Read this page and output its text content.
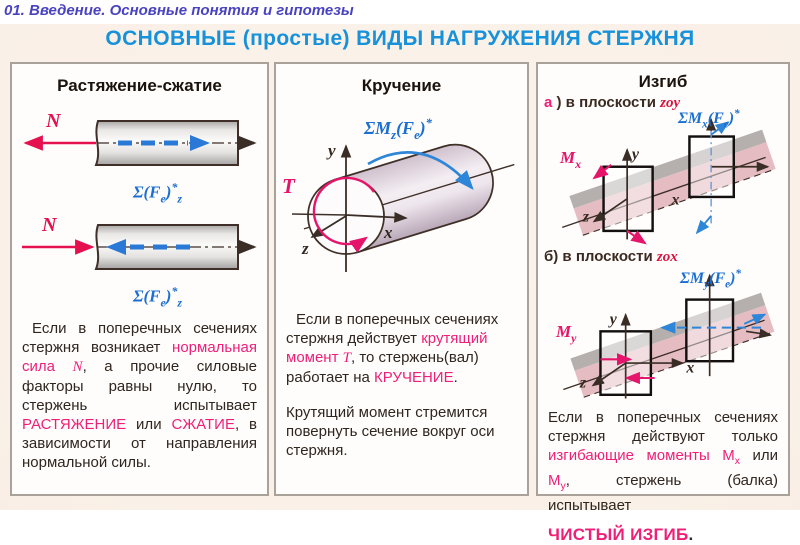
01. Введение. Основные понятия и гипотезы
ОСНОВНЫЕ (простые) ВИДЫ НАГРУЖЕНИЯ СТЕРЖНЯ
Растяжение-сжатие
N
$\Sigma(F_e)^*_z$
N
$\Sigma(F_e)^*_z$

Если в поперечных сечениях стержня возникает нормальная сила N, а прочие силовые факторы равны нулю, то стержень испытывает РАСТЯЖЕНИЕ или СЖАТИЕ, в зависимости от направления нормальной силы.

Кручение
y
x
z
T
$\Sigma M_z(F_e)^*$

Если в поперечных сечениях стержня действует крутящий момент T, то стержень(вал) работает на КРУЧЕНИЕ.

Крутящий момент стремится повернуть сечение вокруг оси стержня.

Изгиб
а ) в плоскости zoy
y
x
z
$M_x$
$\Sigma M_x(F_e)^*$
б) в плоскости zox
y
x
z
$M_y$
$\Sigma M_y(F_e)^*$

Если в поперечных сечениях стержня действуют только изгибающие моменты $M_x$ или $M_y$, стержень (балка) испытывает

ЧИСТЫЙ ИЗГИБ.
